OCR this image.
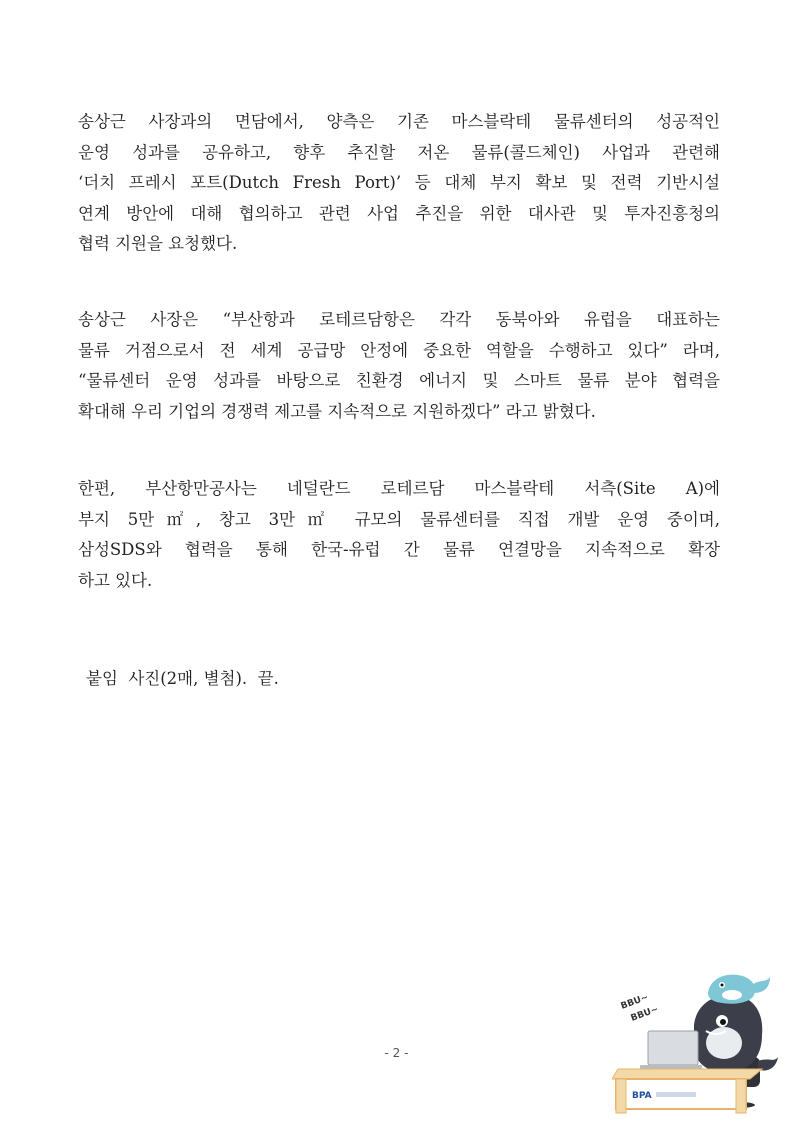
송상근 사장과의 면담에서, 양측은 기존 마스블락테 물류센터의 성공적인
운영 성과를 공유하고, 향후 추진할 저온 물류(콜드체인) 사업과 관련해
‘더치 프레시 포트(Dutch Fresh Port)’ 등 대체 부지 확보 및 전력 기반시설
연계 방안에 대해 협의하고 관련 사업 추진을 위한 대사관 및 투자진흥청의
협력 지원을 요청했다.
송상근 사장은 “부산항과 로테르담항은 각각 동북아와 유럽을 대표하는
물류 거점으로서 전 세계 공급망 안정에 중요한 역할을 수행하고 있다” 라며,
“물류센터 운영 성과를 바탕으로 친환경 에너지 및 스마트 물류 분야 협력을
확대해 우리 기업의 경쟁력 제고를 지속적으로 지원하겠다” 라고 밝혔다.
한편, 부산항만공사는 네덜란드 로테르담 마스블락테 서측(Site A)에
부지 5만㎡, 창고 3만㎡ 규모의 물류센터를 직접 개발 운영 중이며,
삼성SDS와 협력을 통해 한국-유럽 간 물류 연결망을 지속적으로 확장
하고 있다.
붙임  사진(2매, 별첨).  끝.
- 2 -
BBU~
BBU~
BPA
